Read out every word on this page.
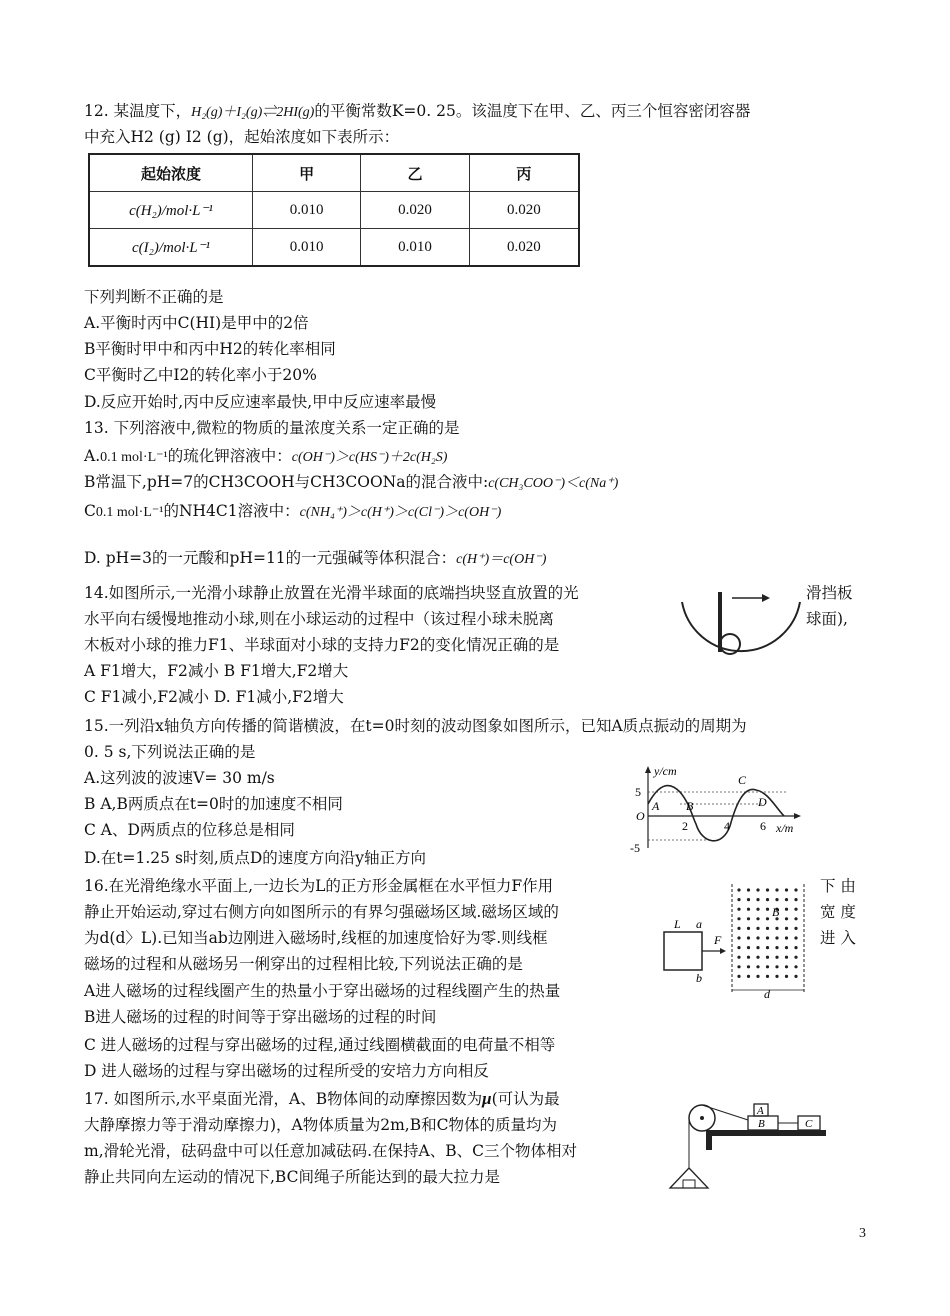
12. 某温度下，H₂(g)＋I₂(g)⇌2HI(g)的平衡常数K=0. 25。该温度下在甲、乙、丙三个恒容密闭容器
中充入H2 (g) I2 (g)，起始浓度如下表所示：
起始浓度	甲	乙	丙
c(H₂)/mol·L⁻¹	0.010	0.020	0.020
c(I₂)/mol·L⁻¹	0.010	0.010	0.020
下列判断不正确的是
A.平衡时丙中C(HI)是甲中的2倍
B平衡时甲中和丙中H2的转化率相同
C平衡时乙中I2的转化率小于20%
D.反应开始时,丙中反应速率最快,甲中反应速率最慢
13. 下列溶液中,微粒的物质的量浓度关系一定正确的是
A.0.1 mol·L⁻¹的琉化钾溶液中：c(OH⁻)＞c(HS⁻)＋2c(H₂S)
B常温下,pH=7的CH3COOH与CH3COONa的混合液中:c(CH₃COO⁻)＜c(Na⁺)
C0.1 mol·L⁻¹的NH4C1溶液中：c(NH₄⁺)＞c(H⁺)＞c(Cl⁻)＞c(OH⁻)
D. pH=3的一元酸和pH=11的一元强碱等体积混合：c(H⁺)＝c(OH⁻)
14.如图所示,一光滑小球静止放置在光滑半球面的底端挡块竖直放置的光	滑挡板
水平向右缓慢地推动小球,则在小球运动的过程中（该过程小球未脱离	球面),
木板对小球的推力F1、半球面对小球的支持力F2的变化情况正确的是
A F1增大，F2减小 B F1增大,F2增大
C F1减小,F2减小 D. F1减小,F2增大
15.一列沿x轴负方向传播的简谐横波，在t=0时刻的波动图象如图所示，已知A质点振动的周期为
0. 5 s,下列说法正确的是
A.这列波的波速V= 30 m/s
B A,B两质点在t=0时的加速度不相同
C A、D两质点的位移总是相同
D.在t=1.25 s时刻,质点D的速度方向沿y轴正方向
y/cm
x/m
5
-5
O
2	4	6
A B
C
D
16.在光滑绝缘水平面上,一边长为L的正方形金属框在水平恒力F作用	下 由
静止开始运动,穿过右侧方向如图所示的有界匀强磁场区域.磁场区域的	宽 度
为d(d〉L).已知当ab边刚进入磁场时,线框的加速度恰好为零.则线框	进 入
磁场的过程和从磁场另一俐穿出的过程相比较,下列说法正确的是
A进人磁场的过程线圏产生的热量小于穿出磁场的过程线圈产生的热量
B进人磁场的过程的时间等于穿出磁场的过程的时间
C 进人磁场的过程与穿出磁场的过程,通过线圈横截面的电荷量不相等
D 进人磁场的过程与穿出磁场的过程所受的安培力方向相反
L a
b
F
B
d
17. 如图所示,水平桌面光滑，A、B物体间的动摩擦因数为μ(可认为最
大静摩擦力等于滑动摩擦力)，A物体质量为2m,B和C物体的质量均为
m,滑轮光滑，砝码盘中可以任意加减砝码.在保持A、B、C三个物体相对
静止共同向左运动的情况下,BC间绳子所能达到的最大拉力是
A
B	C
3
